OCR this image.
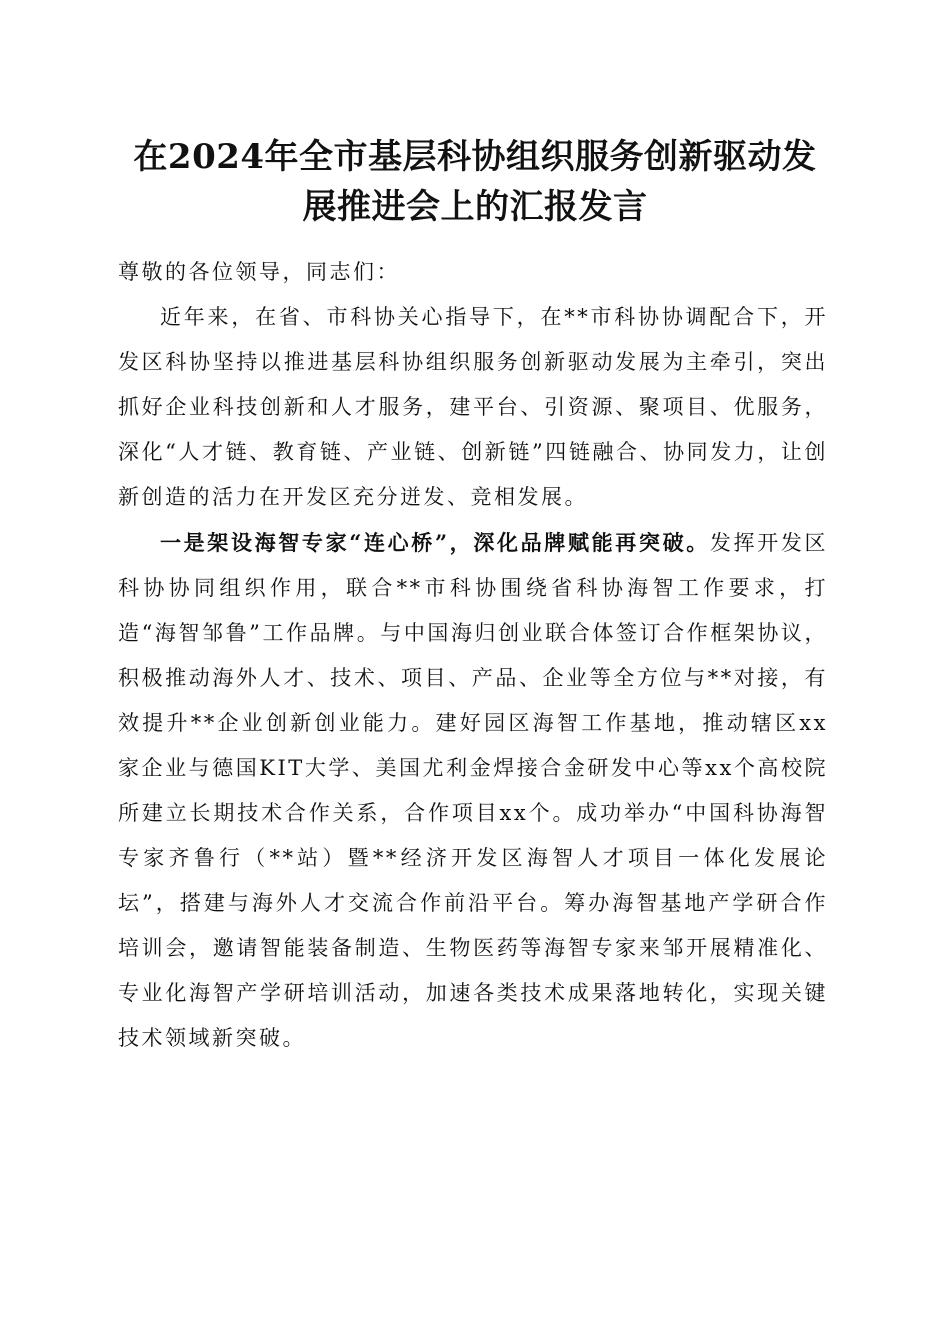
在2024年全市基层科协组织服务创新驱动发
展推进会上的汇报发言

尊敬的各位领导，同志们：

近年来，在省、市科协关心指导下，在**市科协协调配合下，开发区科协坚持以推进基层科协组织服务创新驱动发展为主牵引，突出抓好企业科技创新和人才服务，建平台、引资源、聚项目、优服务，深化“人才链、教育链、产业链、创新链”四链融合、协同发力，让创新创造的活力在开发区充分迸发、竞相发展。

一是架设海智专家“连心桥”，深化品牌赋能再突破。发挥开发区科协协同组织作用，联合**市科协围绕省科协海智工作要求，打造“海智邹鲁”工作品牌。与中国海归创业联合体签订合作框架协议，积极推动海外人才、技术、项目、产品、企业等全方位与**对接，有效提升**企业创新创业能力。建好园区海智工作基地，推动辖区xx家企业与德国KIT大学、美国尤利金焊接合金研发中心等xx个高校院所建立长期技术合作关系，合作项目xx个。成功举办“中国科协海智专家齐鲁行（**站）暨**经济开发区海智人才项目一体化发展论坛”，搭建与海外人才交流合作前沿平台。筹办海智基地产学研合作培训会，邀请智能装备制造、生物医药等海智专家来邹开展精准化、专业化海智产学研培训活动，加速各类技术成果落地转化，实现关键技术领域新突破。
